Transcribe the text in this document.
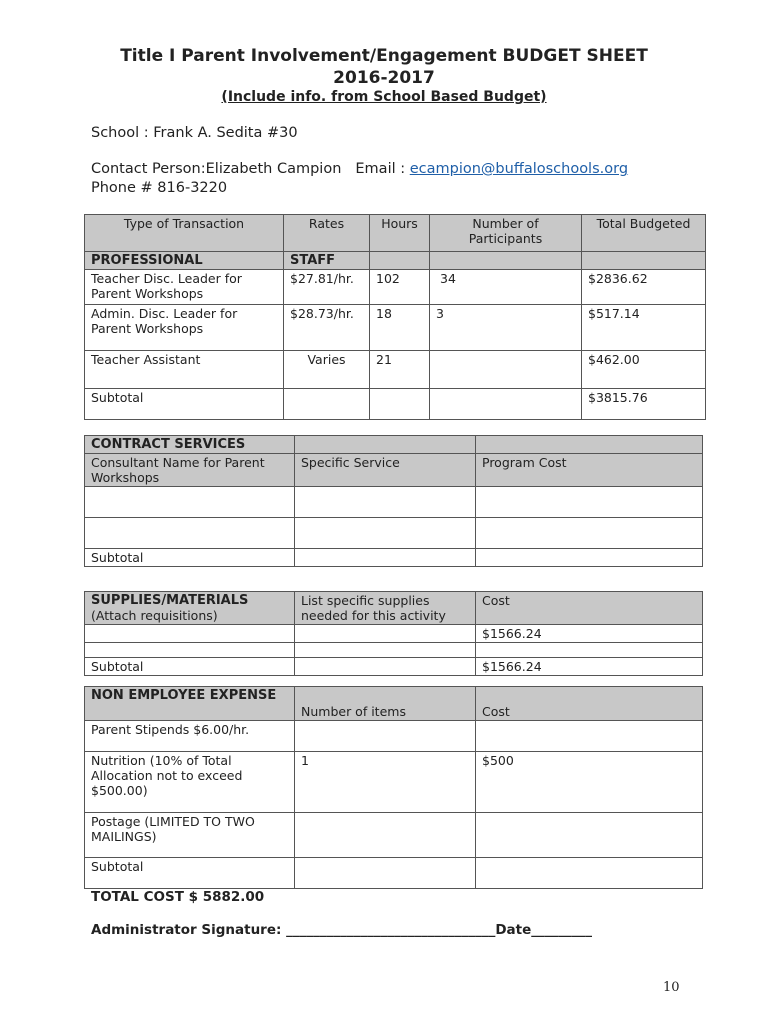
Title I Parent Involvement/Engagement BUDGET SHEET
2016-2017
(Include info. from School Based Budget)
School : Frank A. Sedita #30
Contact Person:Elizabeth Campion Email : ecampion@buffaloschools.org
Phone # 816-3220
Type of Transaction	Rates	Hours	Number of Participants	Total Budgeted
PROFESSIONAL	STAFF			
Teacher Disc. Leader for Parent Workshops	$27.81/hr.	102	34	$2836.62
Admin. Disc. Leader for Parent Workshops	$28.73/hr.	18	3	$517.14
Teacher Assistant	Varies	21		$462.00
Subtotal				$3815.76
CONTRACT SERVICES		
Consultant Name for Parent Workshops	Specific Service	Program Cost

Subtotal		
SUPPLIES/MATERIALS
(Attach requisitions)	List specific supplies needed for this activity	Cost
		$1566.24

Subtotal		$1566.24
NON EMPLOYEE EXPENSE	Number of items	Cost
Parent Stipends $6.00/hr.		
Nutrition (10% of Total Allocation not to exceed $500.00)	1	$500
Postage (LIMITED TO TWO MAILINGS)		
Subtotal		
TOTAL COST $ 5882.00
Administrator Signature: _______________________________Date_________
10
